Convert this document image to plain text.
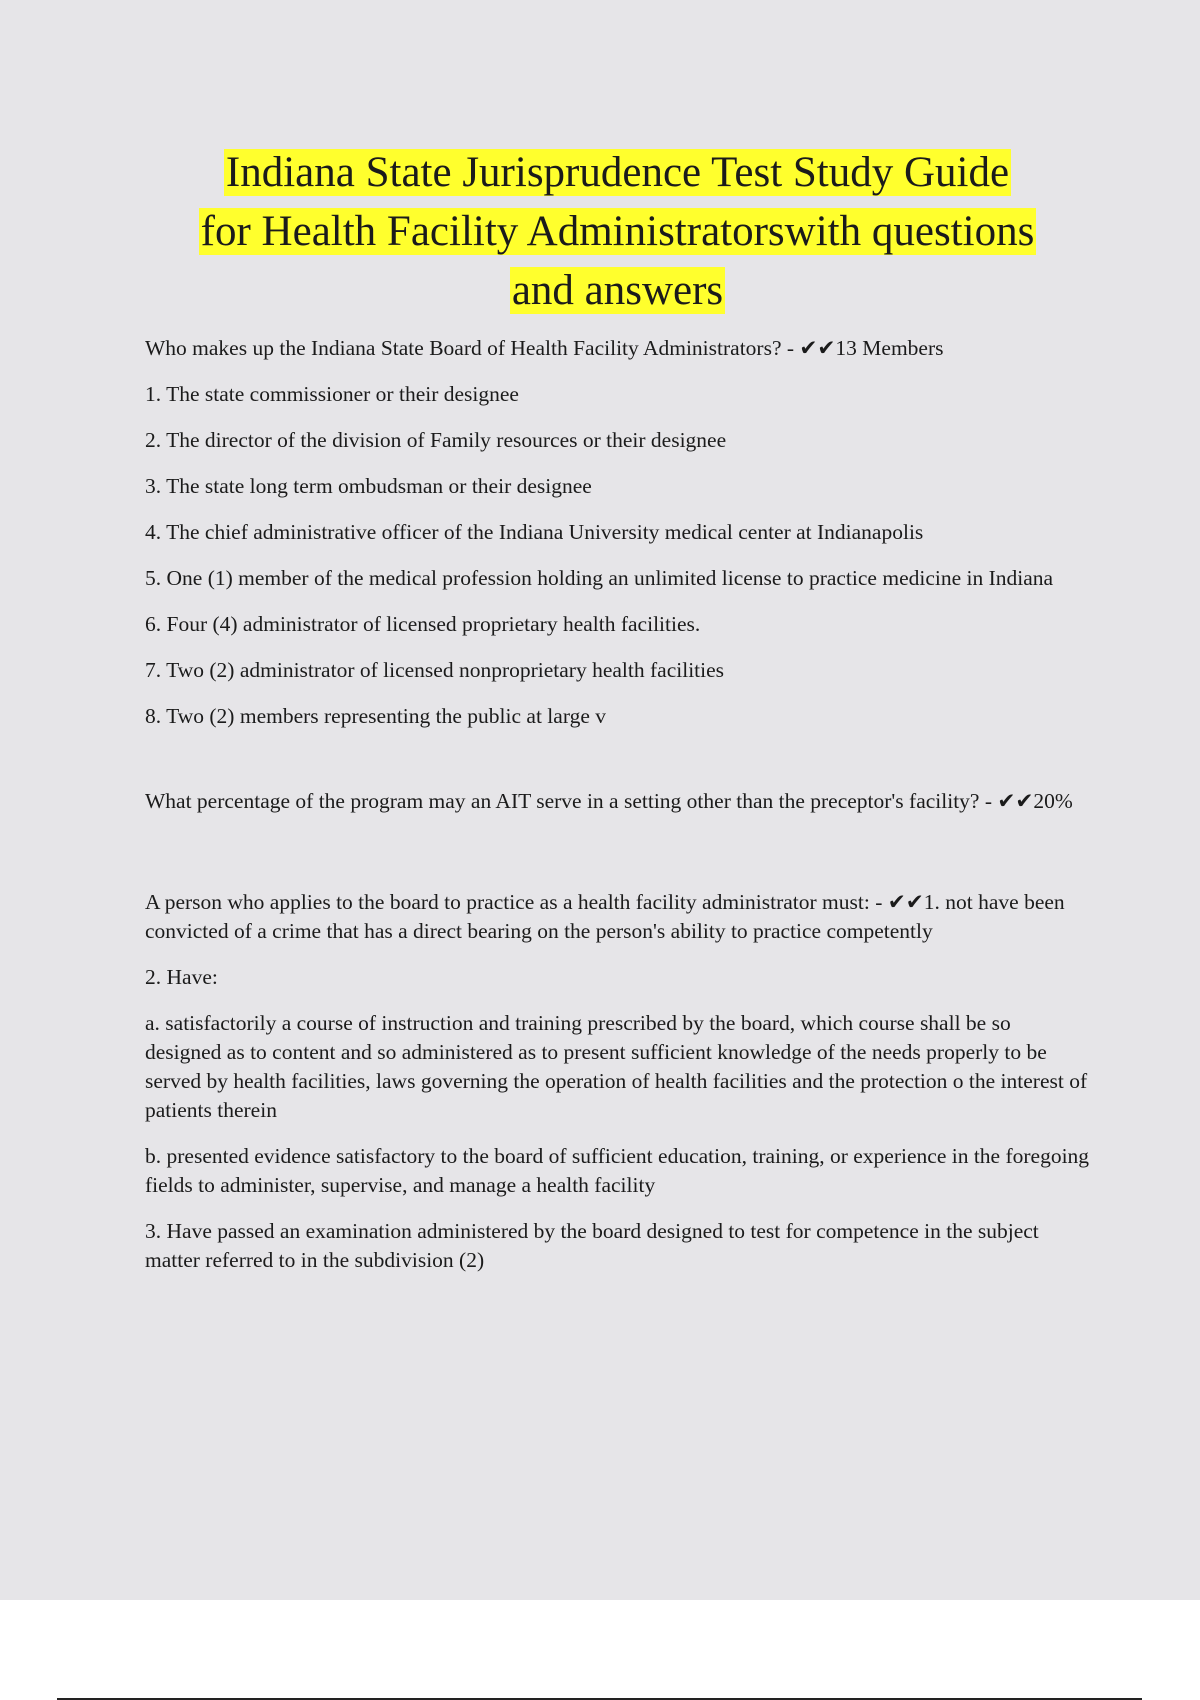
Indiana State Jurisprudence Test Study Guide
for Health Facility Administratorswith questions
and answers

Who makes up the Indiana State Board of Health Facility Administrators? - ✔✔13 Members

1. The state commissioner or their designee

2. The director of the division of Family resources or their designee

3. The state long term ombudsman or their designee

4. The chief administrative officer of the Indiana University medical center at Indianapolis

5. One (1) member of the medical profession holding an unlimited license to practice medicine in Indiana

6. Four (4) administrator of licensed proprietary health facilities.

7. Two (2) administrator of licensed nonproprietary health facilities

8. Two (2) members representing the public at large v

What percentage of the program may an AIT serve in a setting other than the preceptor's facility? - ✔✔20%

A person who applies to the board to practice as a health facility administrator must: - ✔✔1. not have been convicted of a crime that has a direct bearing on the person's ability to practice competently

2. Have:

a. satisfactorily a course of instruction and training prescribed by the board, which course shall be so designed as to content and so administered as to present sufficient knowledge of the needs properly to be served by health facilities, laws governing the operation of health facilities and the protection o the interest of patients therein

b. presented evidence satisfactory to the board of sufficient education, training, or experience in the foregoing fields to administer, supervise, and manage a health facility

3. Have passed an examination administered by the board designed to test for competence in the subject matter referred to in the subdivision (2)
